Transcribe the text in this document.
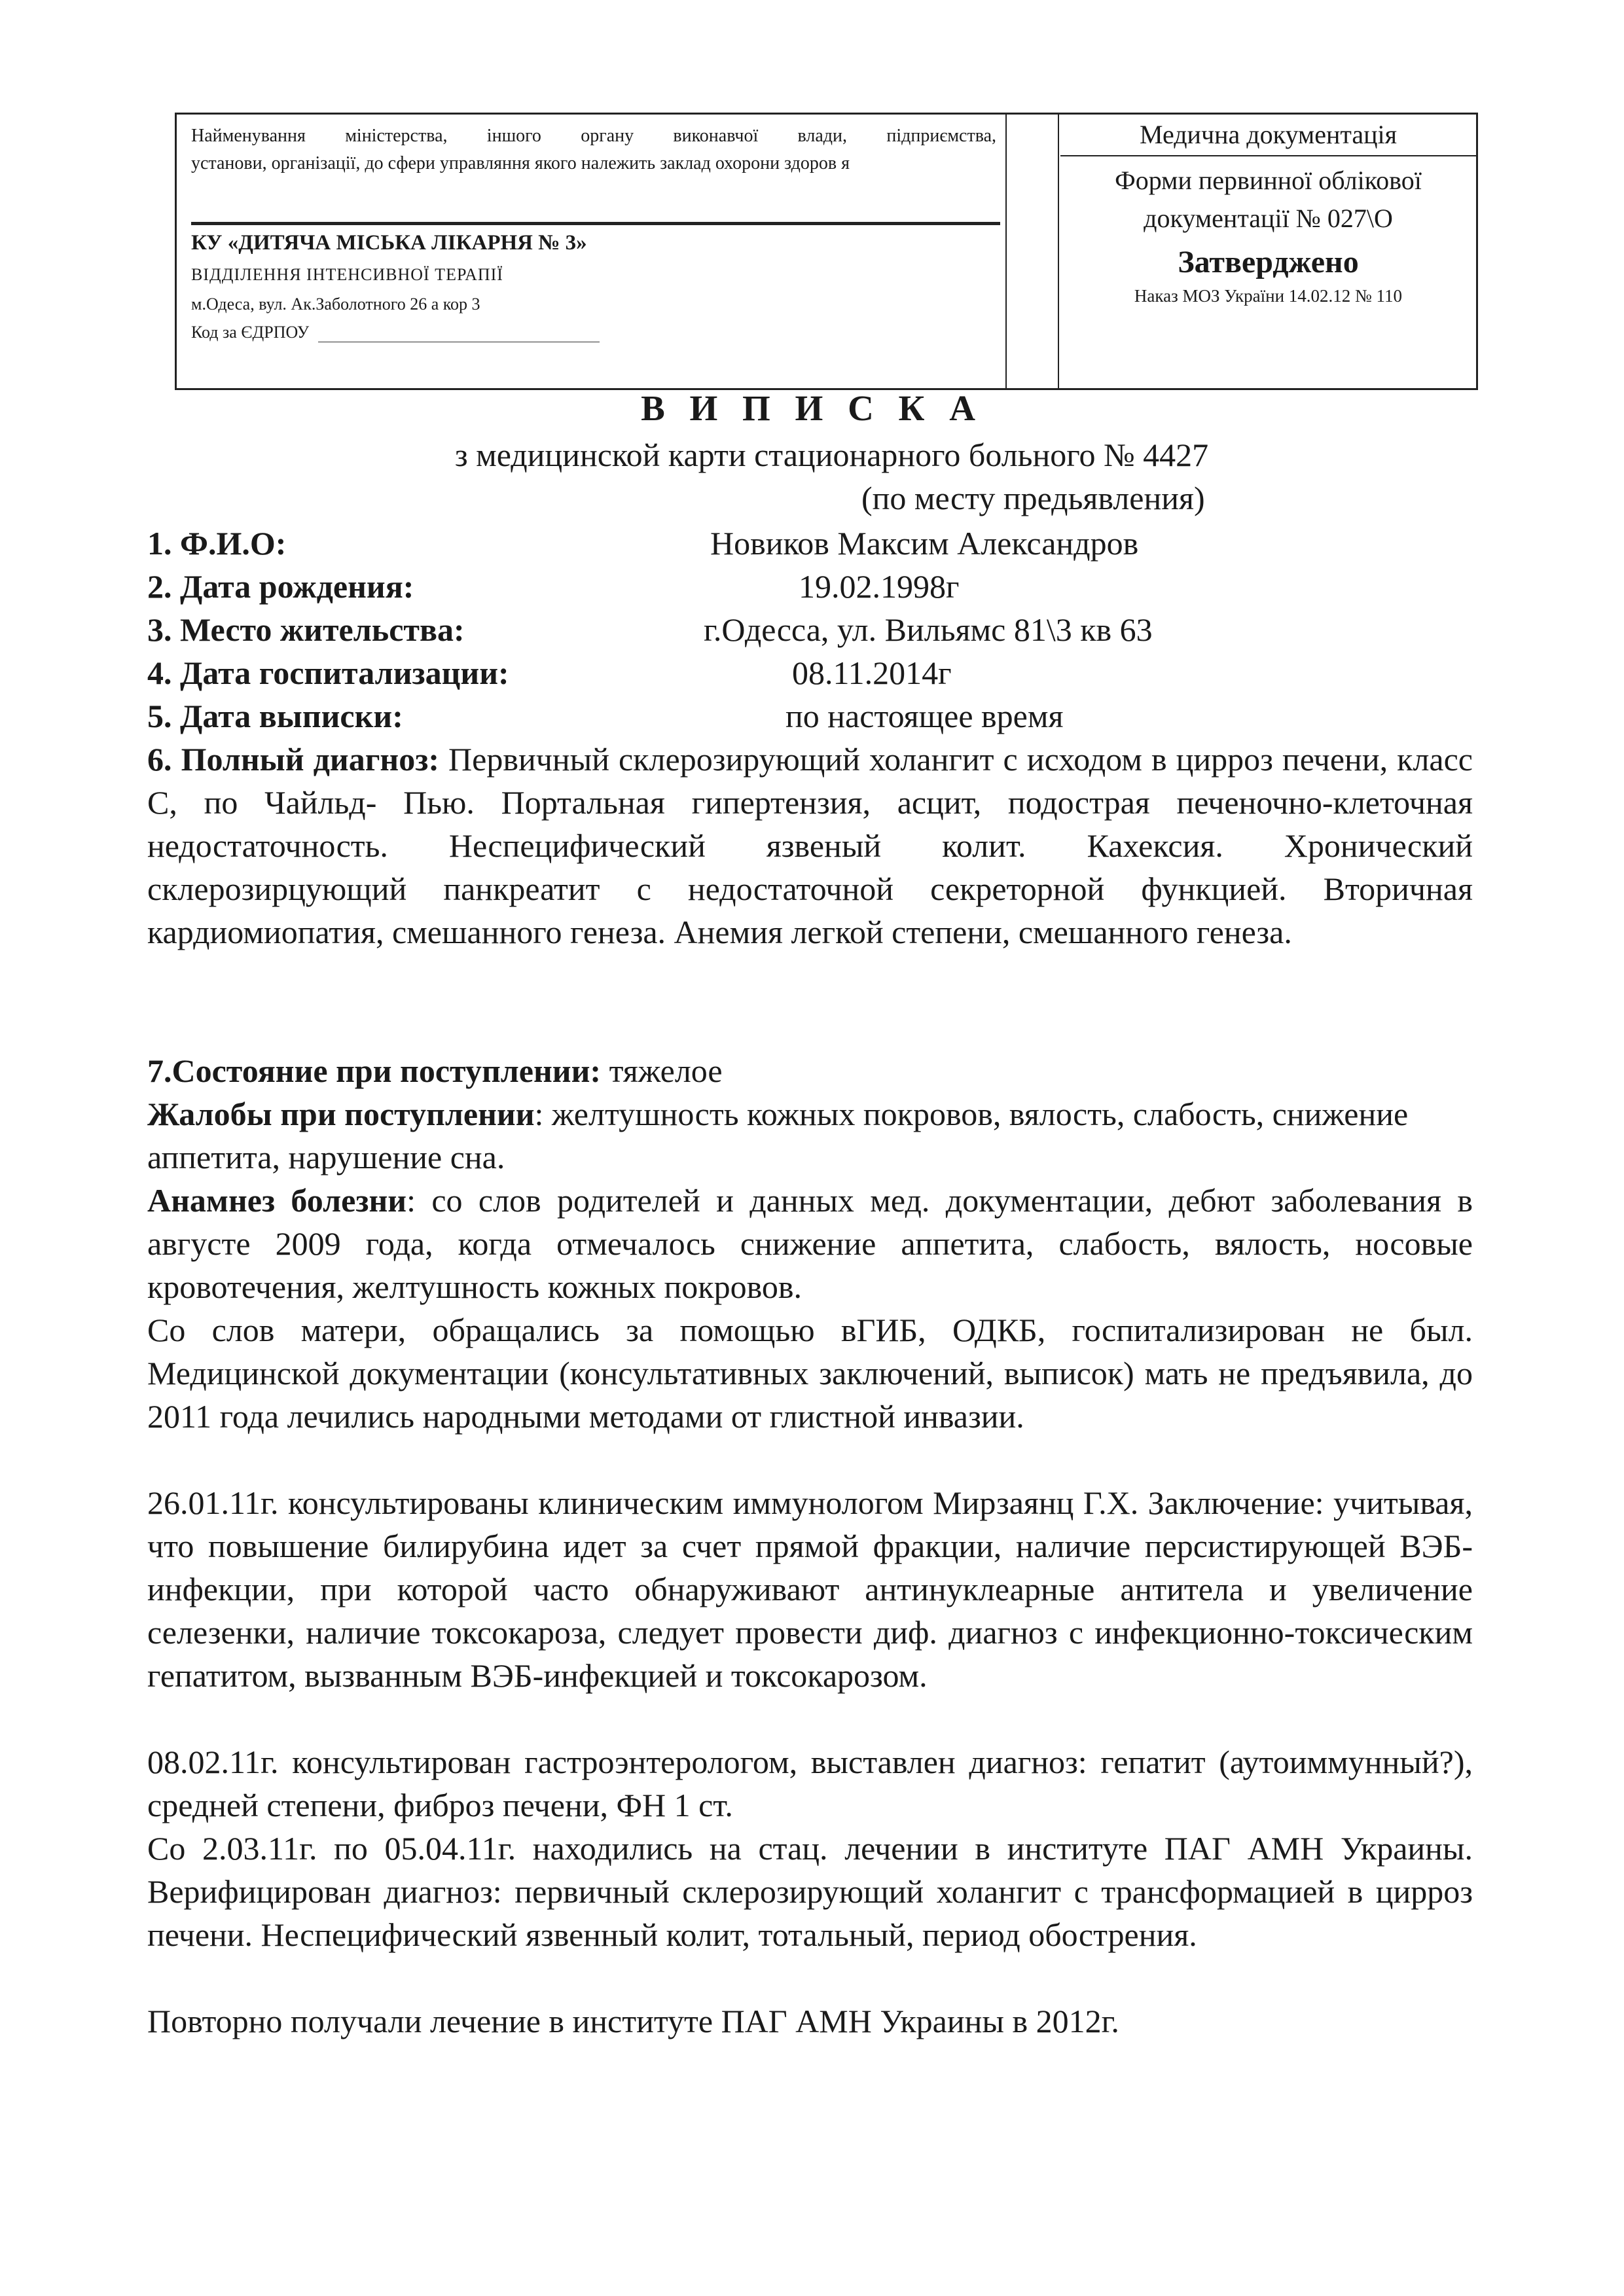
Найменування міністерства, іншого органу виконавчої влади, підприємства,
установи, організації, до сфери управляння якого належить заклад охорони здоров я
КУ «ДИТЯЧА МІСЬКА ЛІКАРНЯ № 3»
ВІДДІЛЕННЯ ІНТЕНСИВНОЇ ТЕРАПІЇ
м.Одеса, вул. Ак.Заболотного 26 а кор 3
Код за ЄДРПОУ
Медична документація
Форми первинної облікової
документації № 027\О
Затверджено
Наказ МОЗ України 14.02.12 № 110
В И П И С К А
з медицинской карти стационарного больного № 4427
(по месту предьявления)
1. Ф.И.О:	Новиков Максим Александров
2. Дата рождения:	19.02.1998г
3. Место жительства:	г.Одесса, ул. Вильямс 81\3 кв 63
4. Дата госпитализации:	08.11.2014г
5. Дата выписки:	по настоящее время
6. Полный диагноз: Первичный склерозирующий холангит с исходом в цирроз печени, класс С, по Чайльд- Пью. Портальная гипертензия, асцит, подострая печеночно-клеточная недостаточность. Неспецифический язвеный колит. Кахексия. Хронический склерозирцующий панкреатит с недостаточной секреторной функцией. Вторичная кардиомиопатия, смешанного генеза. Анемия легкой степени, смешанного генеза.
7.Состояние при поступлении: тяжелое
Жалобы при поступлении: желтушность кожных покровов, вялость, слабость, снижение аппетита, нарушение сна.
Анамнез болезни: со слов родителей и данных мед. документации, дебют заболевания в августе 2009 года, когда отмечалось снижение аппетита, слабость, вялость, носовые кровотечения, желтушность кожных покровов.
Со слов матери, обращались за помощью вГИБ, ОДКБ, госпитализирован не был. Медицинской документации (консультативных заключений, выписок) мать не предъявила, до 2011 года лечились народными методами от глистной инвазии.
26.01.11г. консультированы клиническим иммунологом Мирзаянц Г.Х. Заключение: учитывая, что повышение билирубина идет за счет прямой фракции, наличие персистирующей ВЭБ-инфекции, при которой часто обнаруживают антинуклеарные антитела и увеличение селезенки, наличие токсокароза, следует провести диф. диагноз с инфекционно-токсическим гепатитом, вызванным ВЭБ-инфекцией и токсокарозом.
08.02.11г. консультирован гастроэнтерологом, выставлен диагноз: гепатит (аутоиммунный?), средней степени, фиброз печени, ФН 1 ст.
Со 2.03.11г. по 05.04.11г. находились на стац. лечении в институте ПАГ АМН Украины. Верифицирован диагноз: первичный склерозирующий холангит с трансформацией в цирроз печени. Неспецифический язвенный колит, тотальный, период обострения.
Повторно получали лечение в институте ПАГ АМН Украины в 2012г.
